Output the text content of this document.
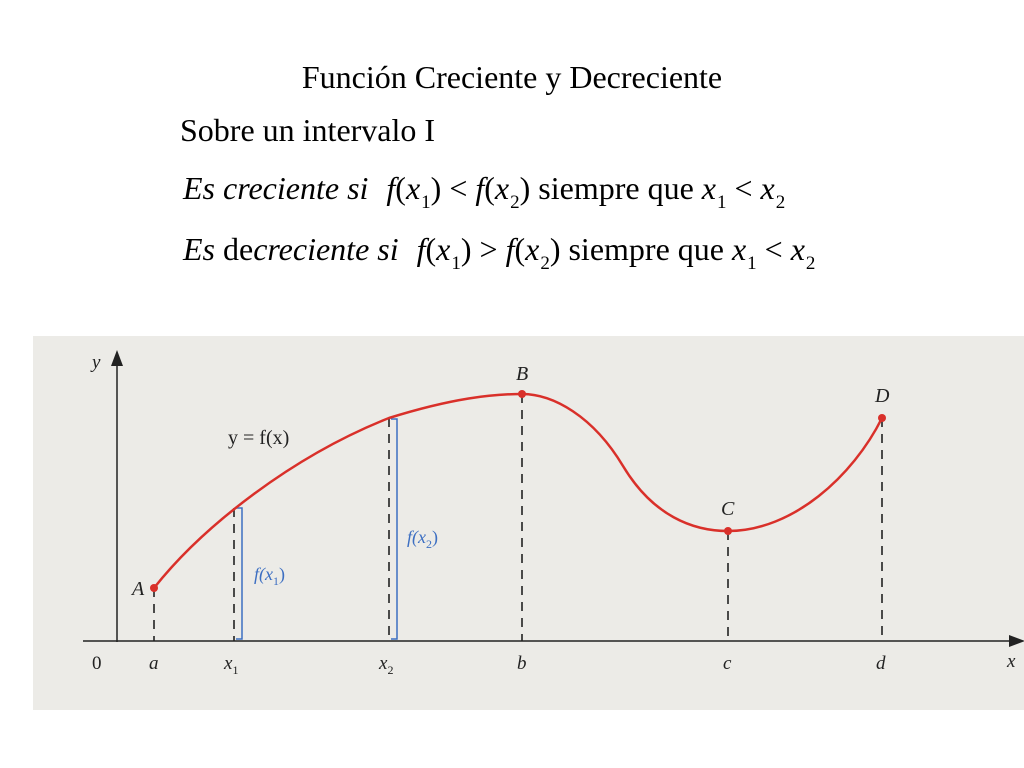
Función Creciente y Decreciente
Sobre un intervalo I
Es creciente si $f(x_1) < f(x_2)$ siempre que $x_1 < x_2$
Es decreciente si $f(x_1) > f(x_2)$ siempre que $x_1 < x_2$
y
x
0
$f(x_1)$
$f(x_2)$
y = f(x)
A
B
C
D
a	$x_1$	$x_2$	b	c	d
